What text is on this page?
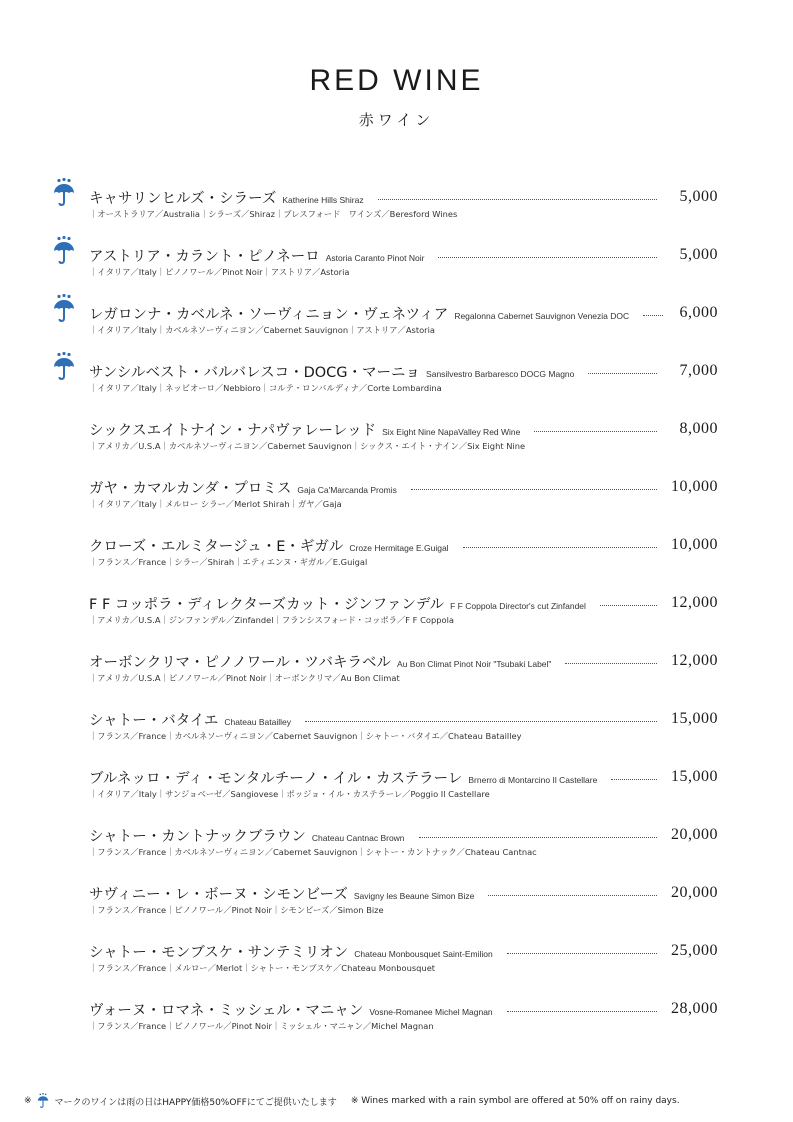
RED WINE
赤ワイン
キャサリンヒルズ・シラーズ Katherine Hills Shiraz	5,000
｜オーストラリア／Australia｜シラーズ／Shiraz｜ブレスフォード　ワインズ／Beresford Wines
アストリア・カラント・ピノネーロ Astoria Caranto Pinot Noir	5,000
｜イタリア／Italy｜ピノノワール／Pinot Noir｜アストリア／Astoria
レガロンナ・カベルネ・ソーヴィニョン・ヴェネツィア Regalonna Cabernet Sauvignon Venezia DOC	6,000
｜イタリア／Italy｜カベルネソーヴィニヨン／Cabernet Sauvignon｜アストリア／Astoria
サンシルベスト・バルバレスコ・DOCG・マーニョ Sansilvestro Barbaresco DOCG Magno	7,000
｜イタリア／Italy｜ネッビオーロ／Nebbioro｜コルテ・ロンバルディナ／Corte Lombardina
シックスエイトナイン・ナパヴァレーレッド Six Eight Nine NapaValley Red Wine	8,000
｜アメリカ／U.S.A｜カベルネソーヴィニヨン／Cabernet Sauvignon｜シックス・エイト・ナイン／Six Eight Nine
ガヤ・カマルカンダ・プロミス Gaja Ca'Marcanda Promis	10,000
｜イタリア／Italy｜メルロー シラー／Merlot Shirah｜ガヤ／Gaja
クローズ・エルミタージュ・E・ギガル Croze Hermitage E.Guigal	10,000
｜フランス／France｜シラー／Shirah｜エティエンヌ・ギガル／E.Guigal
F F コッポラ・ディレクターズカット・ジンファンデル F F Coppola Director's cut Zinfandel	12,000
｜アメリカ／U.S.A｜ジンファンデル／Zinfandel｜フランシスフォード・コッポラ／F F Coppola
オーボンクリマ・ピノノワール・ツバキラベル Au Bon Climat Pinot Noir "Tsubaki Label"	12,000
｜アメリカ／U.S.A｜ピノノワール／Pinot Noir｜オーボンクリマ／Au Bon Climat
シャトー・バタイエ Chateau Batailley	15,000
｜フランス／France｜カベルネソーヴィニヨン／Cabernet Sauvignon｜シャトー・バタイエ／Chateau Batailley
ブルネッロ・ディ・モンタルチーノ・イル・カステラーレ Brnerro di Montarcino Il Castellare	15,000
｜イタリア／Italy｜サンジョベーゼ／Sangiovese｜ポッジョ・イル・カステラーレ／Poggio Il Castellare
シャトー・カントナックブラウン Chateau Cantnac Brown	20,000
｜フランス／France｜カベルネソーヴィニヨン／Cabernet Sauvignon｜シャトー・カントナック／Chateau Cantnac
サヴィニー・レ・ボーヌ・シモンビーズ Savigny les Beaune Simon Bize	20,000
｜フランス／France｜ピノノワール／Pinot Noir｜シモンビーズ／Simon Bize
シャトー・モンブスケ・サンテミリオン Chateau Monbousquet Saint-Emilion	25,000
｜フランス／France｜メルロー／Merlot｜シャトー・モンブスケ／Chateau Monbousquet
ヴォーヌ・ロマネ・ミッシェル・マニャン Vosne-Romanee Michel Magnan	28,000
｜フランス／France｜ピノノワール／Pinot Noir｜ミッシェル・マニャン／Michel Magnan
※	マークのワインは雨の日はHAPPY価格50%OFFにてご提供いたします ※ Wines marked with a rain symbol are offered at 50% off on rainy days.
